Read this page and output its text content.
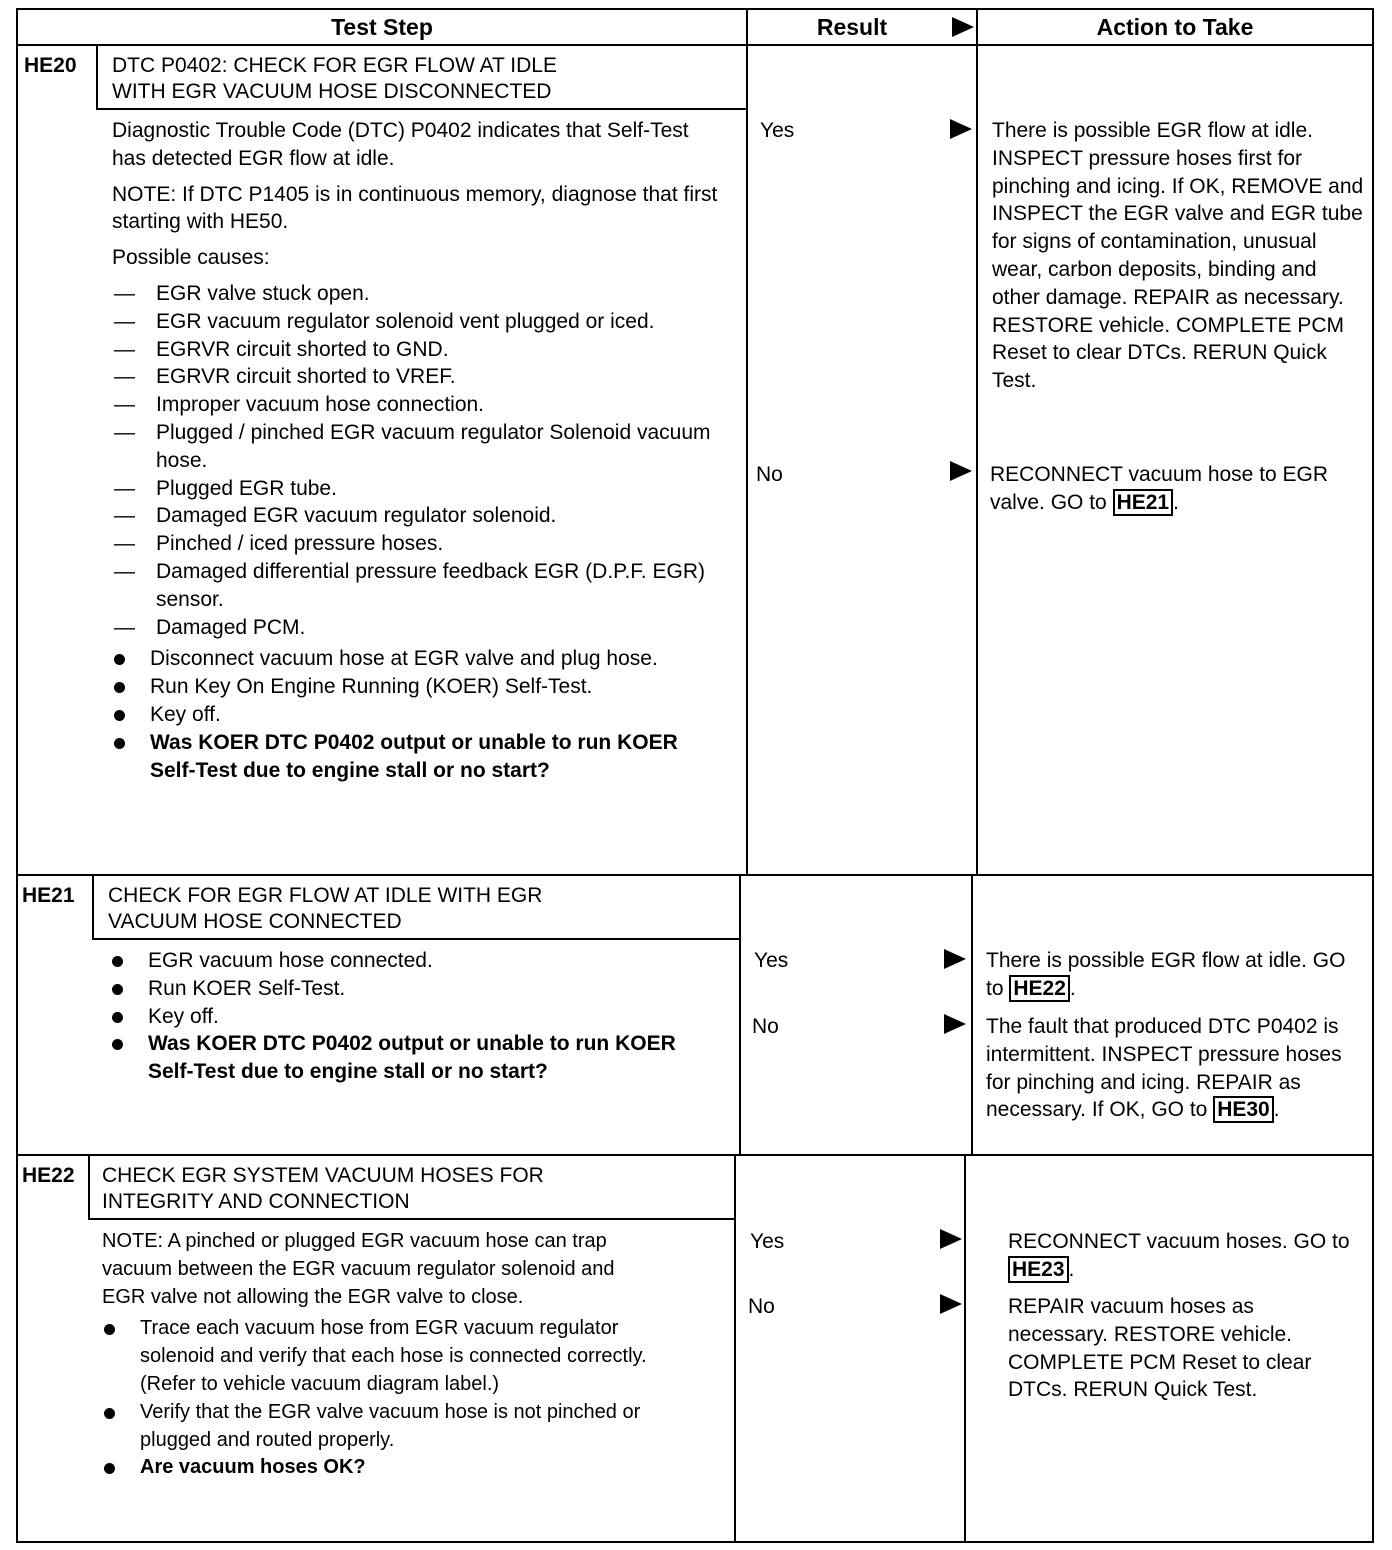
Test Step	Result	Action to Take
HE20 DTC P0402: CHECK FOR EGR FLOW AT IDLE
WITH EGR VACUUM HOSE DISCONNECTED

Diagnostic Trouble Code (DTC) P0402 indicates that Self-Test has detected EGR flow at idle.

NOTE: If DTC P1405 is in continuous memory, diagnose that first starting with HE50.

Possible causes:

— EGR valve stuck open.
— EGR vacuum regulator solenoid vent plugged or iced.
— EGRVR circuit shorted to GND.
— EGRVR circuit shorted to VREF.
— Improper vacuum hose connection.
— Plugged / pinched EGR vacuum regulator Solenoid vacuum hose.
— Plugged EGR tube.
— Damaged EGR vacuum regulator solenoid.
— Pinched / iced pressure hoses.
— Damaged differential pressure feedback EGR (D.P.F. EGR) sensor.
— Damaged PCM.
Disconnect vacuum hose at EGR valve and plug hose.
Run Key On Engine Running (KOER) Self-Test.
Key off.
Was KOER DTC P0402 output or unable to run KOER Self-Test due to engine stall or no start?
Yes
No
There is possible EGR flow at idle. INSPECT pressure hoses first for pinching and icing. If OK, REMOVE and INSPECT the EGR valve and EGR tube for signs of contamination, unusual wear, carbon deposits, binding and other damage. REPAIR as necessary. RESTORE vehicle. COMPLETE PCM Reset to clear DTCs. RERUN Quick Test.
RECONNECT vacuum hose to EGR valve. GO to HE21 .
HE21 CHECK FOR EGR FLOW AT IDLE WITH EGR
VACUUM HOSE CONNECTED
EGR vacuum hose connected.
Run KOER Self-Test.
Key off.
Was KOER DTC P0402 output or unable to run KOER Self-Test due to engine stall or no start?
Yes
No
There is possible EGR flow at idle. GO to HE22 .
The fault that produced DTC P0402 is intermittent. INSPECT pressure hoses for pinching and icing. REPAIR as necessary. If OK, GO to HE30 .
HE22 CHECK EGR SYSTEM VACUUM HOSES FOR
INTEGRITY AND CONNECTION

NOTE: A pinched or plugged EGR vacuum hose can trap vacuum between the EGR vacuum regulator solenoid and EGR valve not allowing the EGR valve to close.

Trace each vacuum hose from EGR vacuum regulator solenoid and verify that each hose is connected correctly. (Refer to vehicle vacuum diagram label.)
Verify that the EGR valve vacuum hose is not pinched or plugged and routed properly.
Are vacuum hoses OK?
Yes
No
RECONNECT vacuum hoses. GO to HE23 .
REPAIR vacuum hoses as necessary. RESTORE vehicle. COMPLETE PCM Reset to clear DTCs. RERUN Quick Test.
